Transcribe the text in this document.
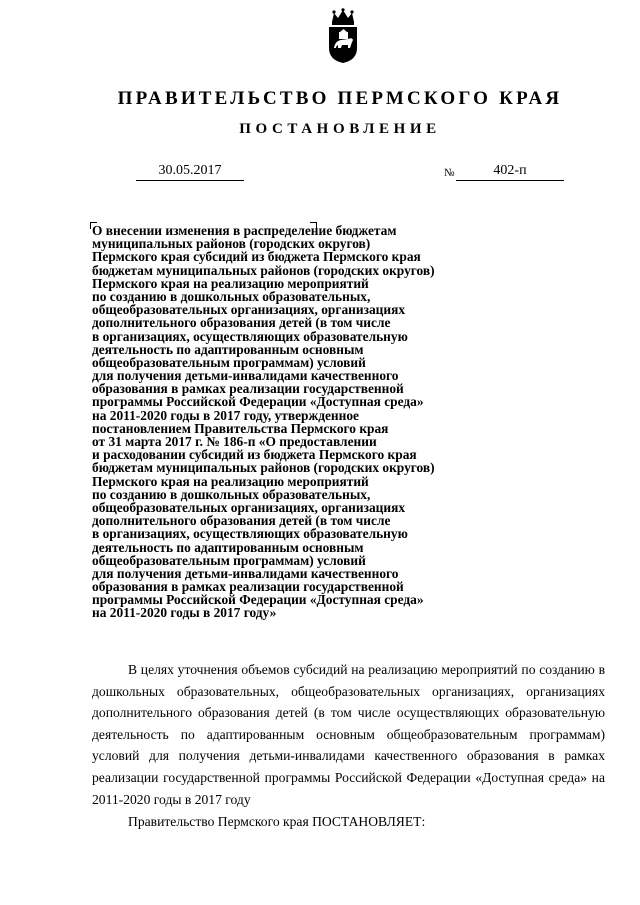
ПРАВИТЕЛЬСТВО ПЕРМСКОГО КРАЯ
ПОСТАНОВЛЕНИЕ
30.05.2017	№	402-п
О внесении изменения в распределение бюджетам
муниципальных районов (городских округов)
Пермского края субсидий из бюджета Пермского края
бюджетам муниципальных районов (городских округов)
Пермского края на реализацию мероприятий
по созданию в дошкольных образовательных,
общеобразовательных организациях, организациях
дополнительного образования детей (в том числе
в организациях, осуществляющих образовательную
деятельность по адаптированным основным
общеобразовательным программам) условий
для получения детьми-инвалидами качественного
образования в рамках реализации государственной
программы Российской Федерации «Доступная среда»
на 2011-2020 годы в 2017 году, утвержденное
постановлением Правительства Пермского края
от 31 марта 2017 г. № 186-п «О предоставлении
и расходовании субсидий из бюджета Пермского края
бюджетам муниципальных районов (городских округов)
Пермского края на реализацию мероприятий
по созданию в дошкольных образовательных,
общеобразовательных организациях, организациях
дополнительного образования детей (в том числе
в организациях, осуществляющих образовательную
деятельность по адаптированным основным
общеобразовательным программам) условий
для получения детьми-инвалидами качественного
образования в рамках реализации государственной
программы Российской Федерации «Доступная среда»
на 2011-2020 годы в 2017 году»

В целях уточнения объемов субсидий на реализацию мероприятий по созданию в дошкольных образовательных, общеобразовательных организациях, организациях дополнительного образования детей (в том числе осуществляющих образовательную деятельность по адаптированным основным общеобразовательным программам) условий для получения детьми-инвалидами качественного образования в рамках реализации государственной программы Российской Федерации «Доступная среда» на 2011-2020 годы в 2017 году

Правительство Пермского края ПОСТАНОВЛЯЕТ:
